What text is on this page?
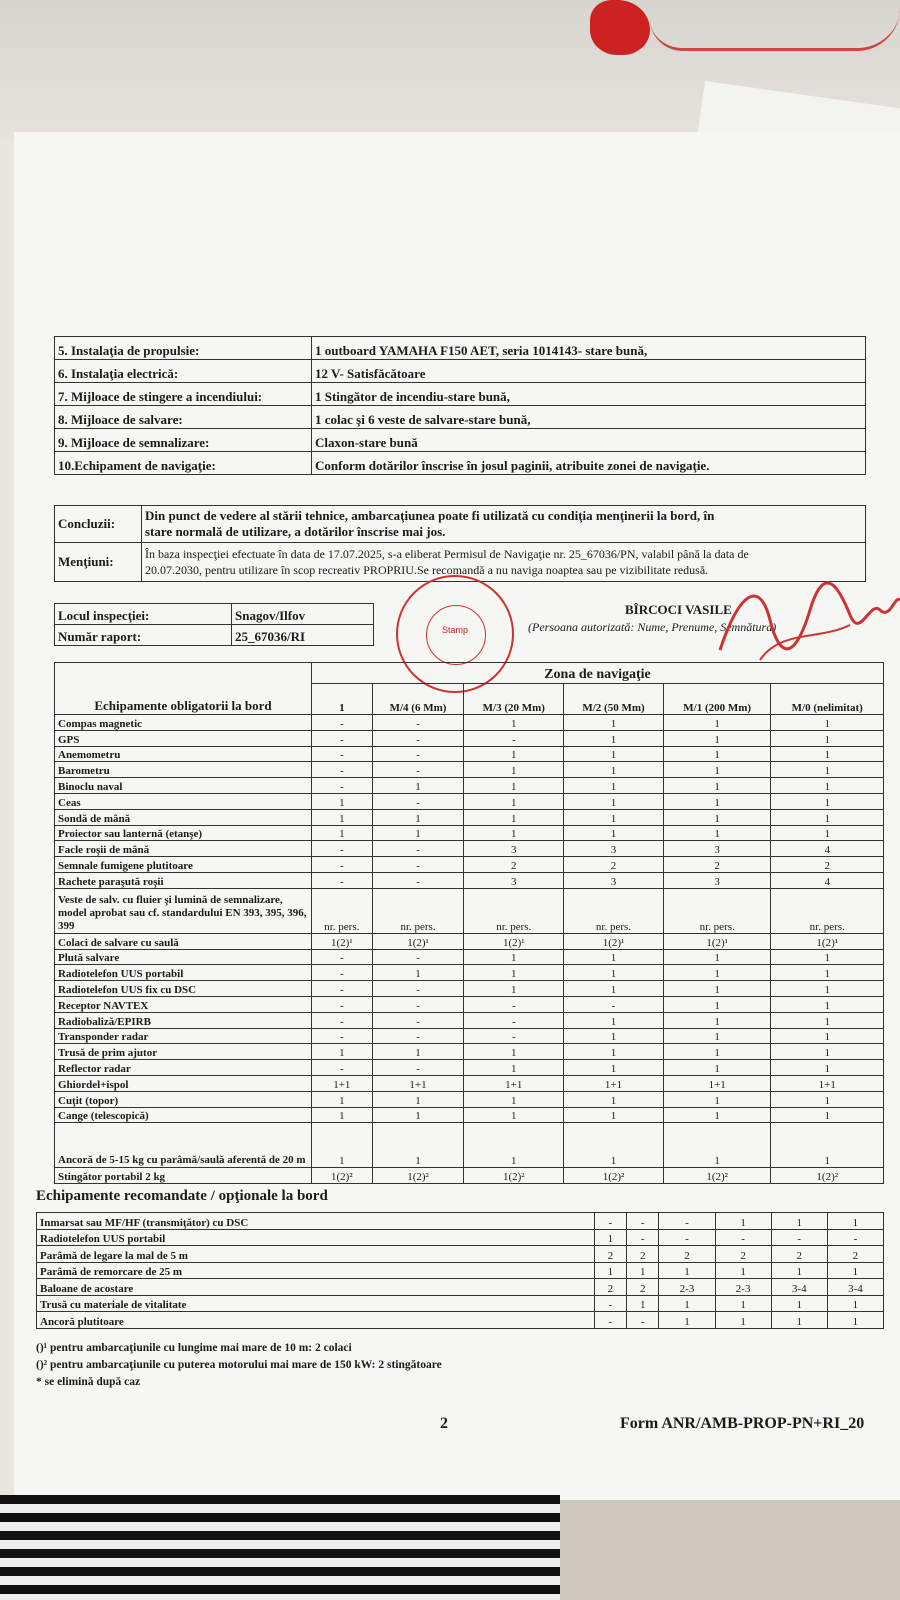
5. Instalaţia de propulsie:	1 outboard YAMAHA F150 AET, seria 1014143- stare bună,
6. Instalaţia electrică:	12 V- Satisfăcătoare
7. Mijloace de stingere a incendiului:	1 Stingător de incendiu-stare bună,
8. Mijloace de salvare:	1 colac şi 6 veste de salvare-stare bună,
9. Mijloace de semnalizare:	Claxon-stare bună
10.Echipament de navigaţie:	Conform dotărilor înscrise în josul paginii, atribuite zonei de navigaţie.
Concluzii:	Din punct de vedere al stării tehnice, ambarcaţiunea poate fi utilizată cu condiţia menţinerii la bord, în
stare normală de utilizare, a dotărilor înscrise mai jos.

Menţiuni:	În baza inspecţiei efectuate în data de 17.07.2025, s-a eliberat Permisul de Navigaţie nr. 25_67036/PN, valabil până la data de
20.07.2030, pentru utilizare în scop recreativ PROPRIU.Se recomandă a nu naviga noaptea sau pe vizibilitate redusă.
Locul inspecţiei:	Snagov/Ilfov
Număr raport:	25_67036/RI
BÎRCOCI VASILE
(Persoana autorizată: Nume, Prenume, Semnătura)
Stamp
Echipamente obligatorii la bord	Zona de navigaţie					
	1	M/4 (6 Mm)	M/3 (20 Mm)	M/2 (50 Mm)	M/1 (200 Mm)	M/0 (nelimitat)
Compas magnetic	-	-	1	1	1	1
GPS	-	-	-	1	1	1
Anemometru	-	-	1	1	1	1
Barometru	-	-	1	1	1	1
Binoclu naval	-	1	1	1	1	1
Ceas	1	-	1	1	1	1
Sondă de mână	1	1	1	1	1	1
Proiector sau lanternă (etanşe)	1	1	1	1	1	1
Facle roşii de mână	-	-	3	3	3	4
Semnale fumigene plutitoare	-	-	2	2	2	2
Rachete paraşută roşii	-	-	3	3	3	4
Veste de salv. cu fluier şi lumină de semnalizare, model aprobat sau cf. standardului EN 393, 395, 396, 399	nr. pers.	nr. pers.	nr. pers.	nr. pers.	nr. pers.	nr. pers.
Colaci de salvare cu saulă	1(2)¹	1(2)¹	1(2)¹	1(2)¹	1(2)¹	1(2)¹
Plută salvare	-	-	1	1	1	1
Radiotelefon UUS portabil	-	1	1	1	1	1
Radiotelefon UUS fix cu DSC	-	-	1	1	1	1
Receptor NAVTEX	-	-	-	-	1	1
Radiobaliză/EPIRB	-	-	-	1	1	1
Transponder radar	-	-	-	1	1	1
Trusă de prim ajutor	1	1	1	1	1	1
Reflector radar	-	-	1	1	1	1
Ghiordel+ispol	1+1	1+1	1+1	1+1	1+1	1+1
Cuţit (topor)	1	1	1	1	1	1
Cange (telescopică)	1	1	1	1	1	1
Ancoră de 5-15 kg cu parâmă/saulă aferentă de 20 m	1	1	1	1	1	1
Stingător portabil 2 kg	1(2)²	1(2)²	1(2)²	1(2)²	1(2)²	1(2)²
Echipamente recomandate / opţionale la bord
Inmarsat sau MF/HF (transmiţător) cu DSC	-	-	-	1	1	1
Radiotelefon UUS portabil	1	-	-	-	-	-
Parâmă de legare la mal de 5 m	2	2	2	2	2	2
Parâmă de remorcare de 25 m	1	1	1	1	1	1
Baloane de acostare	2	2	2-3	2-3	3-4	3-4
Trusă cu materiale de vitalitate	-	1	1	1	1	1
Ancoră plutitoare	-	-	1	1	1	1
()¹ pentru ambarcaţiunile cu lungime mai mare de 10 m: 2 colaci
()² pentru ambarcaţiunile cu puterea motorului mai mare de 150 kW: 2 stingătoare
* se elimină după caz
2	Form ANR/AMB-PROP-PN+RI_20
